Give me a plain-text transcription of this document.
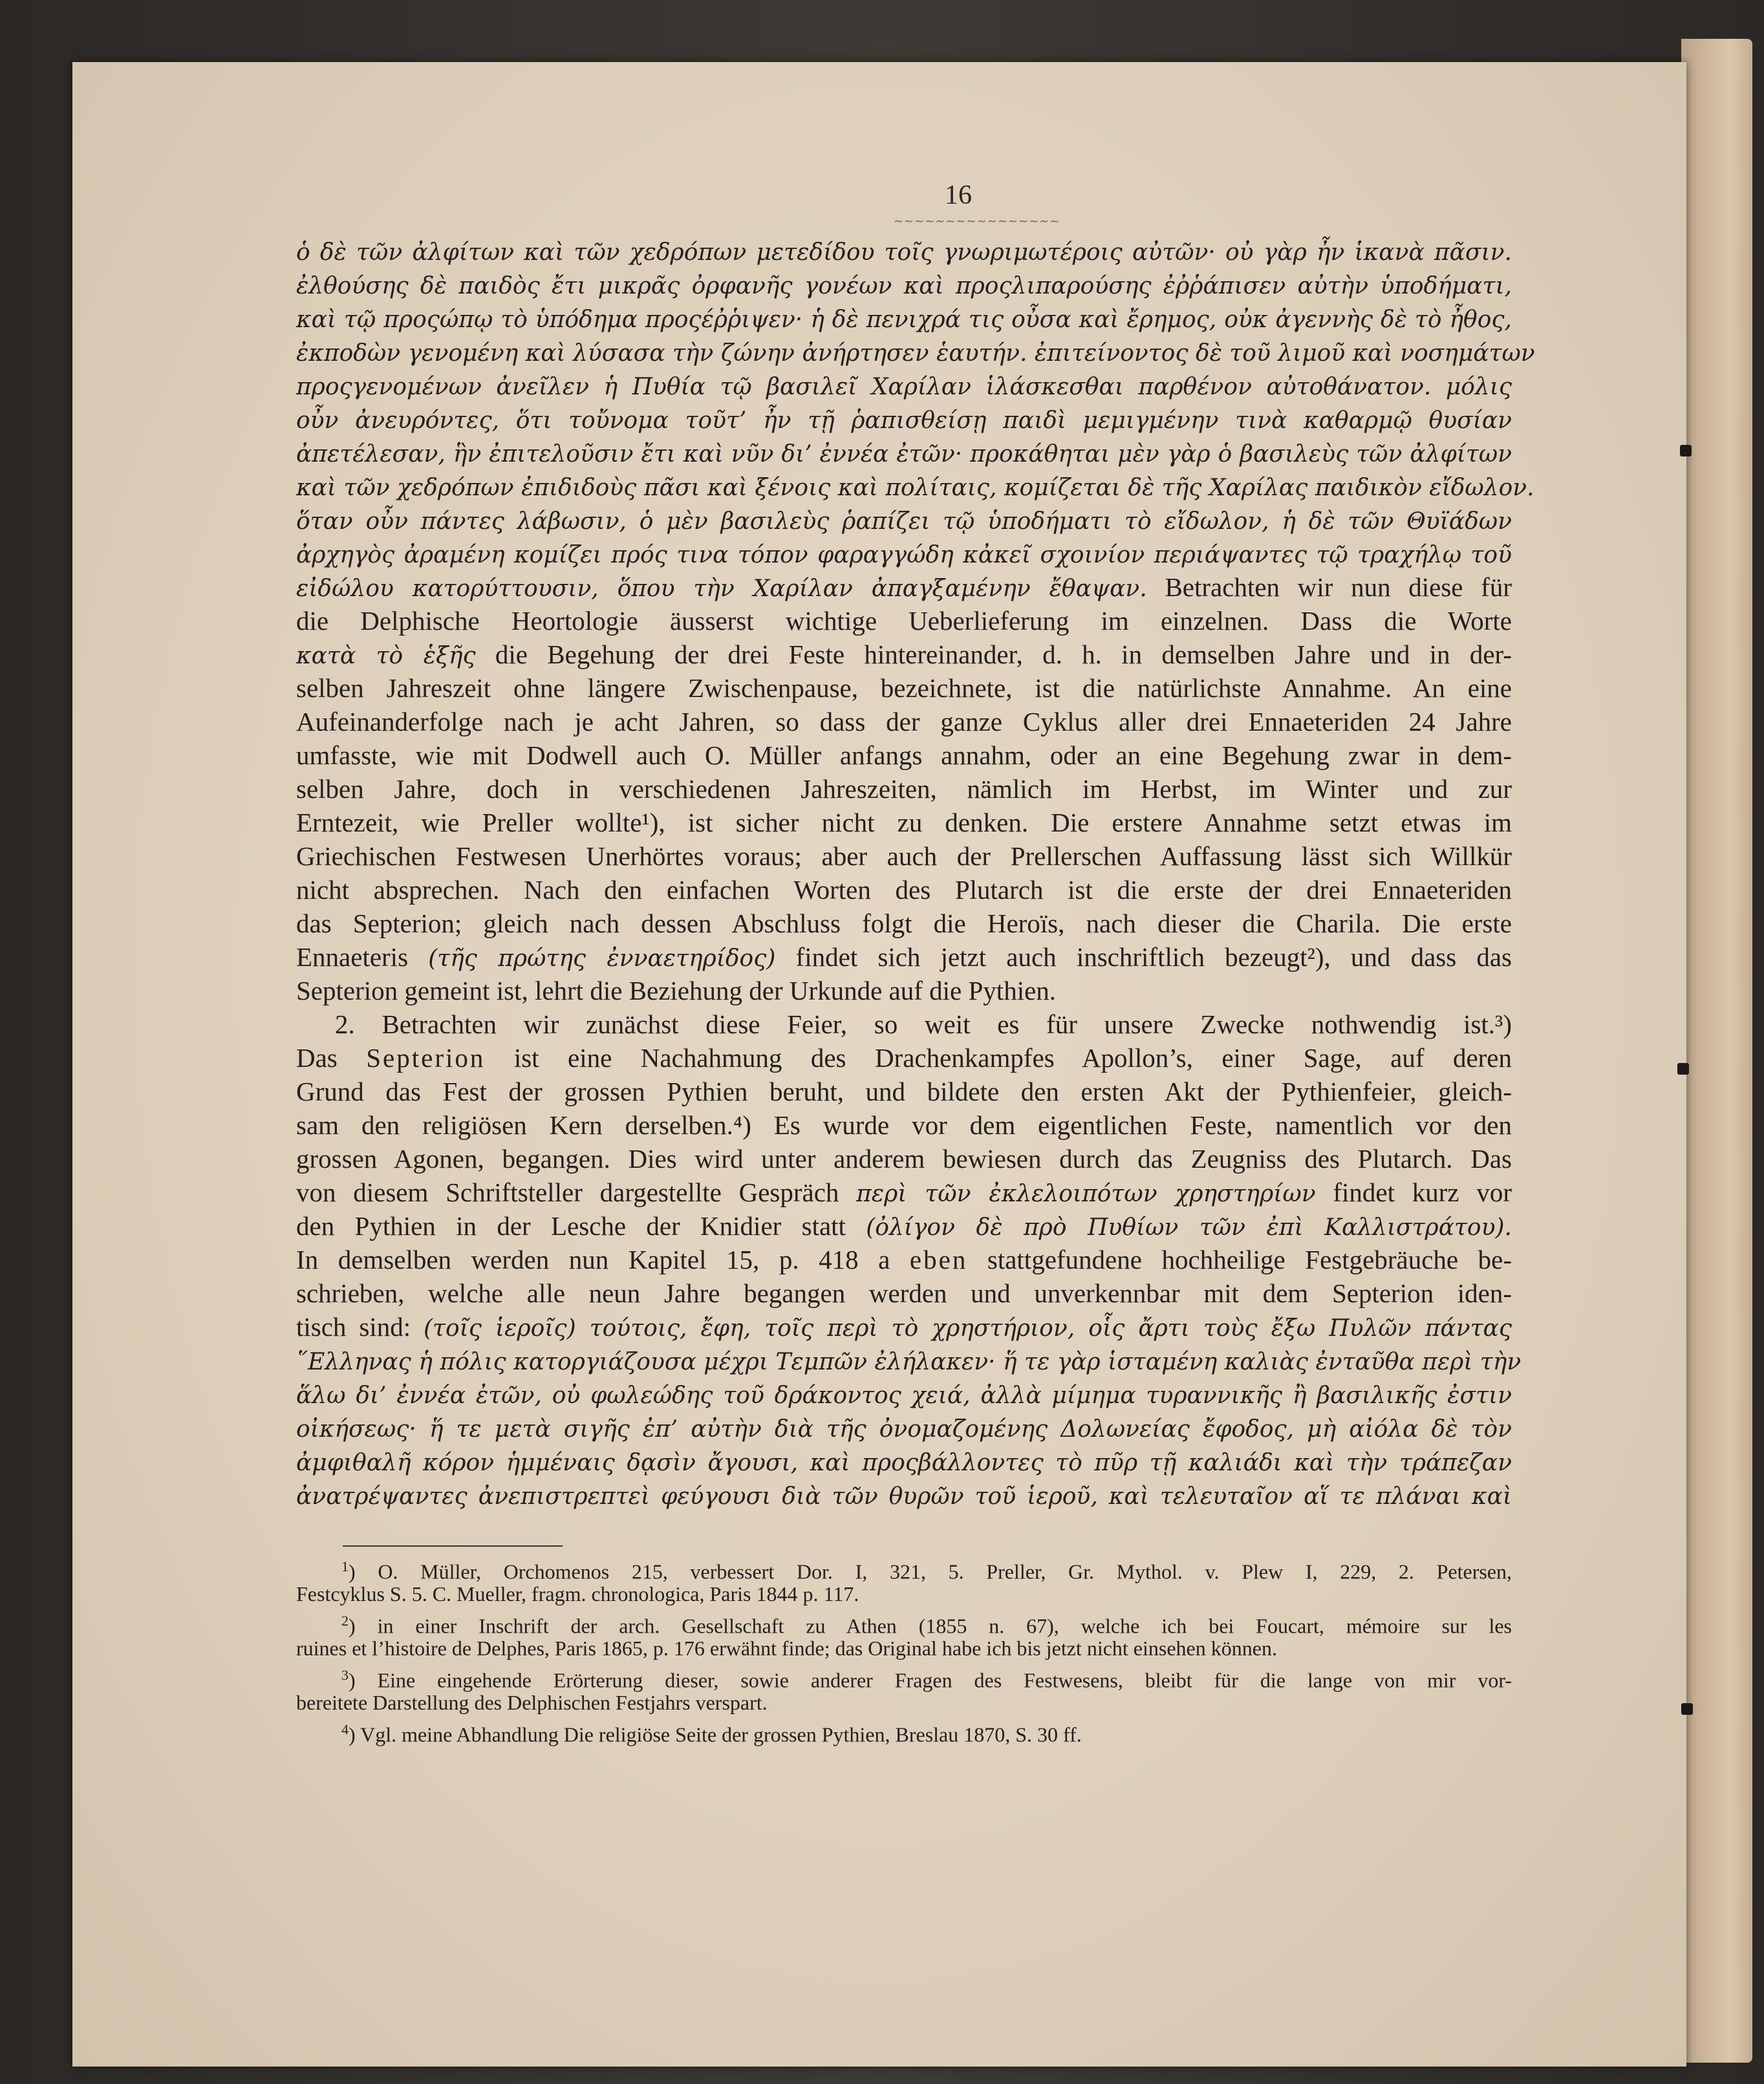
16
~~~~~~~~~~~~~~~~
ὁ δὲ τῶν ἀλφίτων καὶ τῶν χεδρόπων μετεδίδου τοῖς γνωριμωτέροις αὐτῶν· οὐ γὰρ ἦν ἱκανὰ πᾶσιν.
ἐλθούσης δὲ παιδὸς ἔτι μικρᾶς ὀρφανῆς γονέων καὶ προςλιπαρούσης ἐῤῥάπισεν αὐτὴν ὑποδήματι,
καὶ τῷ προςώπῳ τὸ ὑπόδημα προςέῤῥιψεν· ἡ δὲ πενιχρά τις οὖσα καὶ ἔρημος, οὐκ ἀγεννὴς δὲ τὸ ἦθος,
ἐκποδὼν γενομένη καὶ λύσασα τὴν ζώνην ἀνήρτησεν ἑαυτήν. ἐπιτείνοντος δὲ τοῦ λιμοῦ καὶ νοσημάτων
προςγενομένων ἀνεῖλεν ἡ Πυθία τῷ βασιλεῖ Χαρίλαν ἱλάσκεσθαι παρθένον αὐτοθάνατον. μόλις
οὖν ἀνευρόντες, ὅτι τοὔνομα τοῦτ’ ἦν τῇ ῥαπισθείσῃ παιδὶ μεμιγμένην τινὰ καθαρμῷ θυσίαν
ἀπετέλεσαν, ἣν ἐπιτελοῦσιν ἔτι καὶ νῦν δι’ ἐννέα ἐτῶν· προκάθηται μὲν γὰρ ὁ βασιλεὺς τῶν ἀλφίτων
καὶ τῶν χεδρόπων ἐπιδιδοὺς πᾶσι καὶ ξένοις καὶ πολίταις, κομίζεται δὲ τῆς Χαρίλας παιδικὸν εἴδωλον.
ὅταν οὖν πάντες λάβωσιν, ὁ μὲν βασιλεὺς ῥαπίζει τῷ ὑποδήματι τὸ εἴδωλον, ἡ δὲ τῶν Θυϊάδων
ἀρχηγὸς ἀραμένη κομίζει πρός τινα τόπον φαραγγώδη κἀκεῖ σχοινίον περιάψαντες τῷ τραχήλῳ τοῦ
εἰδώλου κατορύττουσιν, ὅπου τὴν Χαρίλαν ἀπαγξαμένην ἔθαψαν. Betrachten wir nun diese für
die Delphische Heortologie äusserst wichtige Ueberlieferung im einzelnen. Dass die Worte
κατὰ τὸ ἑξῆς die Begehung der drei Feste hintereinander, d. h. in demselben Jahre und in der-
selben Jahreszeit ohne längere Zwischenpause, bezeichnete, ist die natürlichste Annahme. An eine
Aufeinanderfolge nach je acht Jahren, so dass der ganze Cyklus aller drei Ennaeteriden 24 Jahre
umfasste, wie mit Dodwell auch O. Müller anfangs annahm, oder an eine Begehung zwar in dem-
selben Jahre, doch in verschiedenen Jahreszeiten, nämlich im Herbst, im Winter und zur
Erntezeit, wie Preller wollte¹), ist sicher nicht zu denken. Die erstere Annahme setzt etwas im
Griechischen Festwesen Unerhörtes voraus; aber auch der Prellerschen Auffassung lässt sich Willkür
nicht absprechen. Nach den einfachen Worten des Plutarch ist die erste der drei Ennaeteriden
das Septerion; gleich nach dessen Abschluss folgt die Heroïs, nach dieser die Charila. Die erste
Ennaeteris (τῆς πρώτης ἐνναετηρίδος) findet sich jetzt auch inschriftlich bezeugt²), und dass das
Septerion gemeint ist, lehrt die Beziehung der Urkunde auf die Pythien.
2. Betrachten wir zunächst diese Feier, so weit es für unsere Zwecke nothwendig ist.³)
Das Septerion ist eine Nachahmung des Drachenkampfes Apollon’s, einer Sage, auf deren
Grund das Fest der grossen Pythien beruht, und bildete den ersten Akt der Pythienfeier, gleich-
sam den religiösen Kern derselben.⁴) Es wurde vor dem eigentlichen Feste, namentlich vor den
grossen Agonen, begangen. Dies wird unter anderem bewiesen durch das Zeugniss des Plutarch. Das
von diesem Schriftsteller dargestellte Gespräch περὶ τῶν ἐκλελοιπότων χρηστηρίων findet kurz vor
den Pythien in der Lesche der Knidier statt (ὀλίγον δὲ πρὸ Πυθίων τῶν ἐπὶ Καλλιστράτου).
In demselben werden nun Kapitel 15, p. 418 a eben stattgefundene hochheilige Festgebräuche be-
schrieben, welche alle neun Jahre begangen werden und unverkennbar mit dem Septerion iden-
tisch sind: (τοῖς ἱεροῖς) τούτοις, ἔφη, τοῖς περὶ τὸ χρηστήριον, οἷς ἄρτι τοὺς ἔξω Πυλῶν πάντας
῞Ελληνας ἡ πόλις κατοργιάζουσα μέχρι Τεμπῶν ἐλήλακεν· ἥ τε γὰρ ἱσταμένη καλιὰς ἐνταῦθα περὶ τὴν
ἅλω δι’ ἐννέα ἐτῶν, οὐ φωλεώδης τοῦ δράκοντος χειά, ἀλλὰ μίμημα τυραννικῆς ἢ βασιλικῆς ἐστιν
οἰκήσεως· ἥ τε μετὰ σιγῆς ἐπ’ αὐτὴν διὰ τῆς ὀνομαζομένης Δολωνείας ἔφοδος, μὴ αἰόλα δὲ τὸν
ἀμφιθαλῆ κόρον ἡμμέναις δᾳσὶν ἄγουσι, καὶ προςβάλλοντες τὸ πῦρ τῇ καλιάδι καὶ τὴν τράπεζαν
ἀνατρέψαντες ἀνεπιστρεπτεὶ φεύγουσι διὰ τῶν θυρῶν τοῦ ἱεροῦ, καὶ τελευταῖον αἵ τε πλάναι καὶ
$^1$) O. Müller, Orchomenos 215, verbessert Dor. I, 321, 5. Preller, Gr. Mythol. v. Plew I, 229, 2. Petersen,
Festcyklus S. 5. C. Mueller, fragm. chronologica, Paris 1844 p. 117.
$^2$) in einer Inschrift der arch. Gesellschaft zu Athen (1855 n. 67), welche ich bei Foucart, mémoire sur les
ruines et l’histoire de Delphes, Paris 1865, p. 176 erwähnt finde; das Original habe ich bis jetzt nicht einsehen können.
$^3$) Eine eingehende Erörterung dieser, sowie anderer Fragen des Festwesens, bleibt für die lange von mir vor-
bereitete Darstellung des Delphischen Festjahrs verspart.
$^4$) Vgl. meine Abhandlung Die religiöse Seite der grossen Pythien, Breslau 1870, S. 30 ff.
